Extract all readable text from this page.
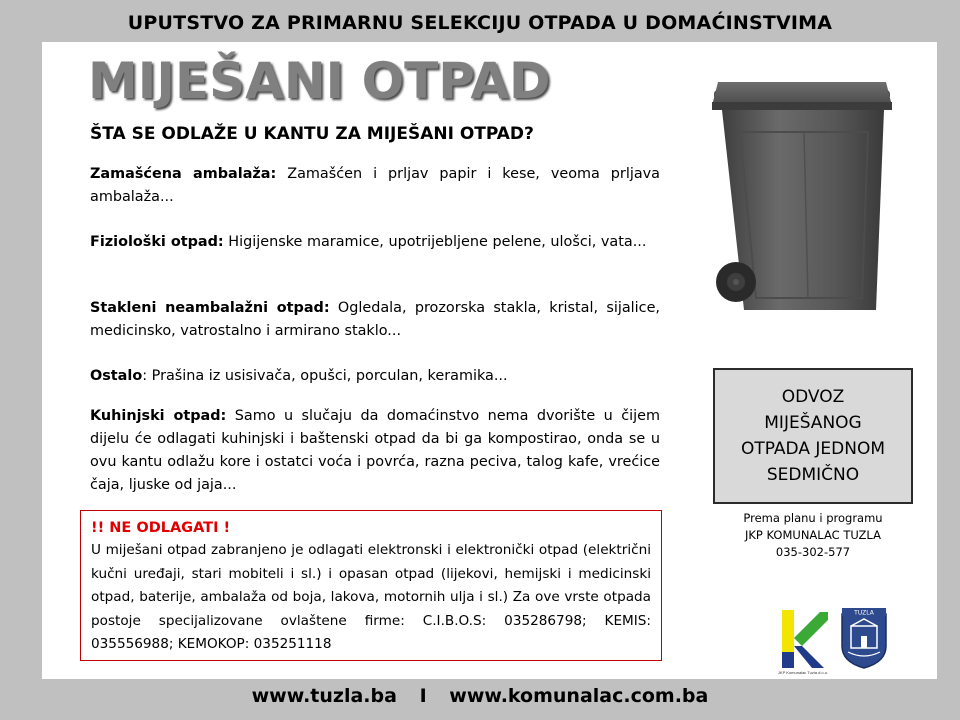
UPUTSTVO ZA PRIMARNU SELEKCIJU OTPADA U DOMAĆINSTVIMA
MIJEŠANI OTPAD
ŠTA SE ODLAŽE U KANTU ZA MIJEŠANI OTPAD?

Zamašćena ambalaža: Zamašćen i prljav papir i kese, veoma prljava ambalaža...

Fiziološki otpad: Higijenske maramice, upotrijebljene pelene, ulošci, vata...

Stakleni neambalažni otpad: Ogledala, prozorska stakla, kristal, sijalice, medicinsko, vatrostalno i armirano staklo...

Ostalo: Prašina iz usisivača, opušci, porculan, keramika...

Kuhinjski otpad: Samo u slučaju da domaćinstvo nema dvorište u čijem dijelu će odlagati kuhinjski i baštenski otpad da bi ga kompostirao, onda se u ovu kantu odlažu kore i ostatci voća i povrća, razna peciva, talog kafe, vrećice čaja, ljuske od jaja...

!! NE ODLAGATI !

U miješani otpad zabranjeno je odlagati elektronski i elektronički otpad (električni kučni uređaji, stari mobiteli i sl.) i opasan otpad (lijekovi, hemijski i medicinski otpad, baterije, ambalaža od boja, lakova, motornih ulja i sl.) Za ove vrste otpada postoje specijalizovane ovlaštene firme: C.I.B.O.S: 035286798; KEMIS: 035556988; KEMOKOP: 035251118

ODVOZ
MIJEŠANOG
OTPADA JEDNOM
SEDMIČNO
Prema planu i programu
JKP KOMUNALAC TUZLA
035-302-577
JKP Komunalac Tuzla d.o.o.
TUZLA
www.tuzla.ba I www.komunalac.com.ba
